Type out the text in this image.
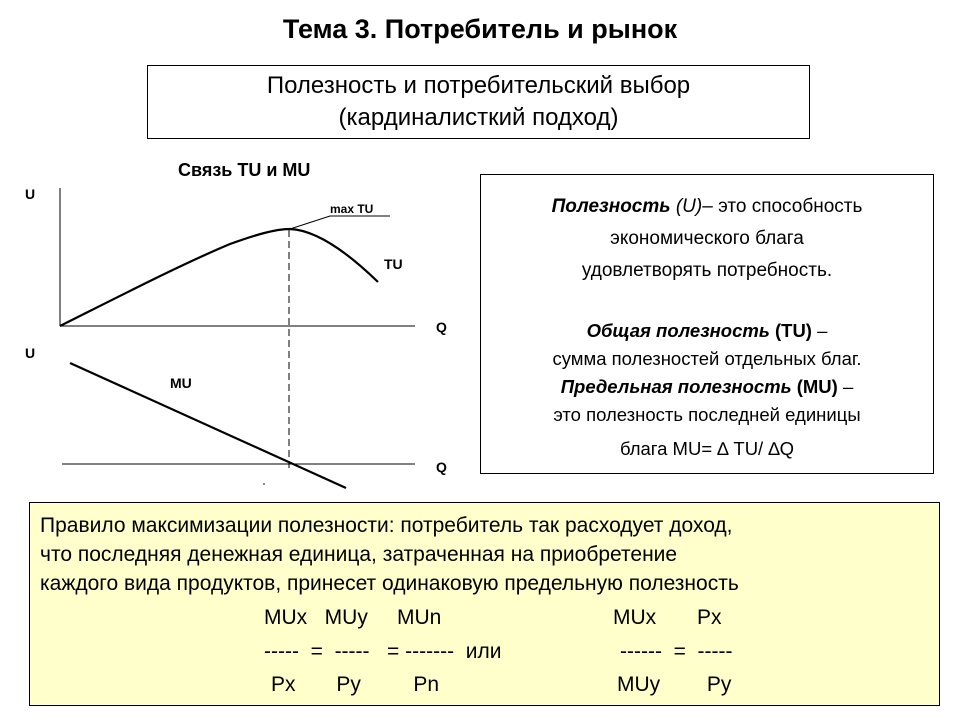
Тема 3. Потребитель и рынок
Полезность и потребительский выбор
(кардиналисткий подход)
Связь TU и MU
U
Q
max TU
TU
U
Q
MU
Полезность (U)– это способность
экономического блага
удовлетворять потребность.
Общая полезность (TU) –
сумма полезностей отдельных благ.
Предельная полезность (MU) –
это полезность последней единицы
блага MU= ∆ TU/ ∆Q
Правило максимизации полезности: потребитель так расходует доход,
что последняя денежная единица, затраченная на приобретение
каждого вида продуктов, принесет одинаковую предельную полезность
MUx   MUy     MUn	MUx       Px
-----  =  -----   = -------  или	------  =  -----
Px       Py         Pn	MUy        Py
